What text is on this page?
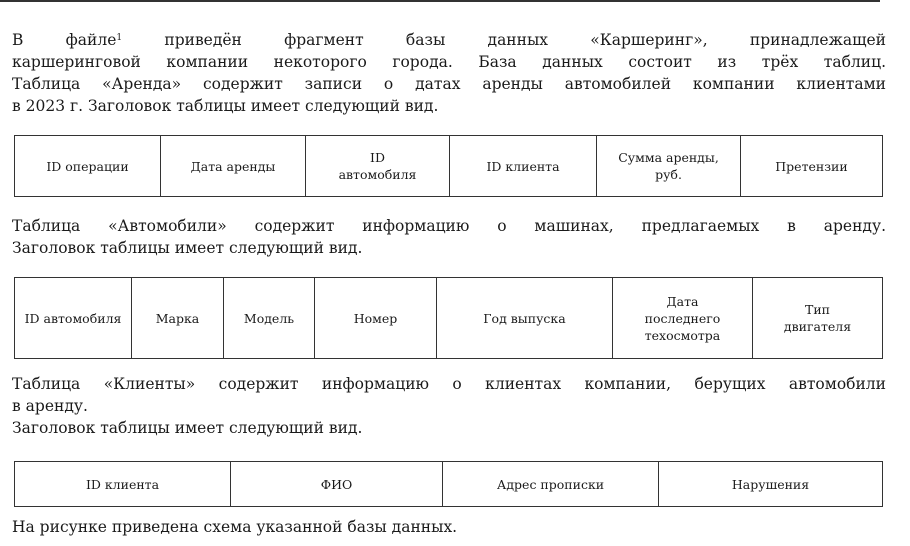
В	файле$^1$	приведён фрагмент базы данных «Каршеринг», принадлежащей
каршеринговой компании некоторого города. База данных состоит из трёх таблиц.
Таблица «Аренда» содержит записи о датах аренды автомобилей компании клиентами
в 2023 г. Заголовок таблицы имеет следующий вид.
ID операции	Дата аренды	ID автомобиля	ID клиента	Сумма аренды, руб.	Претензии
Таблица «Автомобили» содержит информацию о машинах, предлагаемых в аренду.
Заголовок таблицы имеет следующий вид.
ID автомобиля	Марка	Модель	Номер	Год выпуска	Дата последнего техосмотра	Тип двигателя
Таблица «Клиенты» содержит информацию о клиентах компании, берущих автомобили
в аренду.
Заголовок таблицы имеет следующий вид.
ID клиента	ФИО	Адрес прописки	Нарушения
На рисунке приведена схема указанной базы данных.
